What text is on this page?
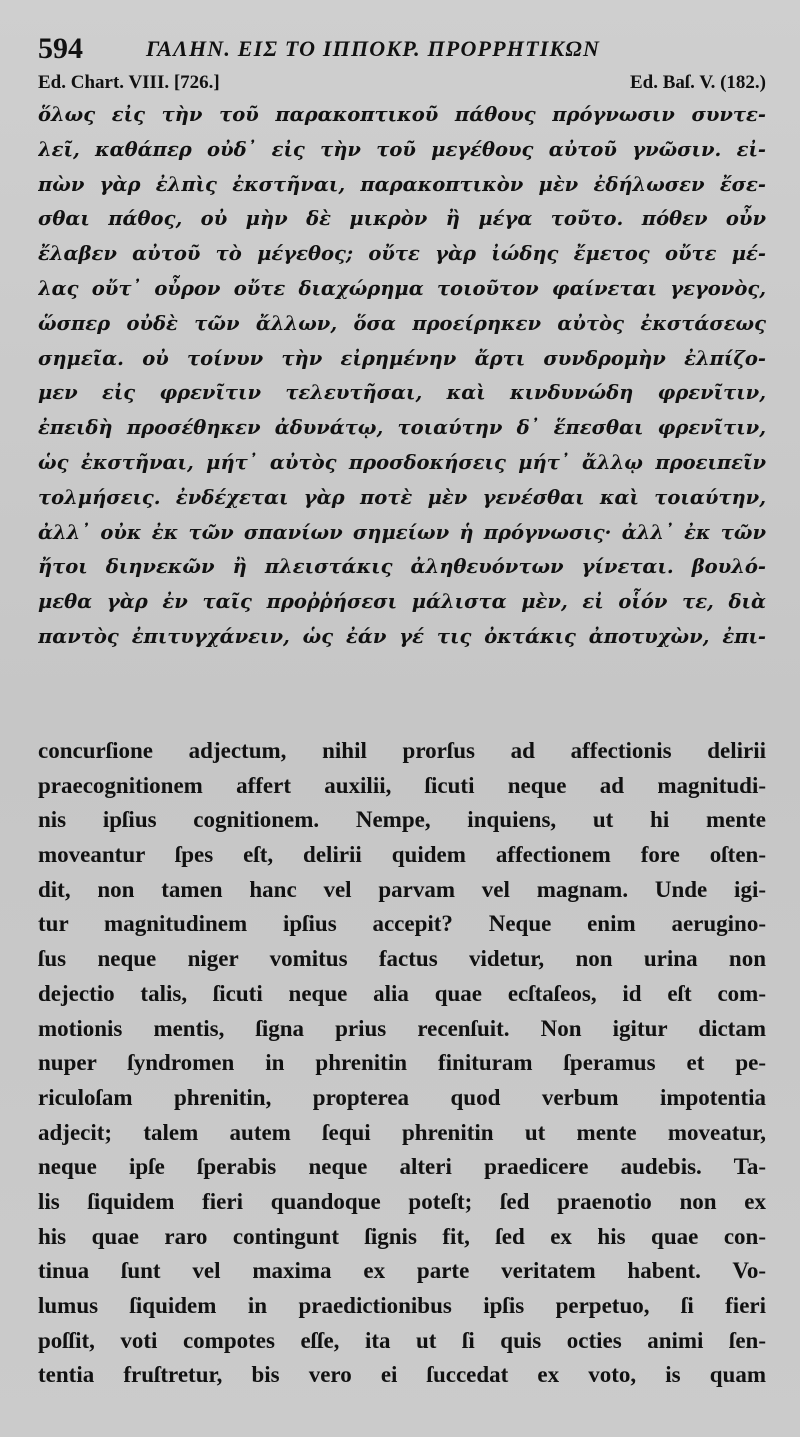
594	ΓΑΛΗΝ. ΕΙΣ ΤΟ ΙΠΠΟΚΡ. ΠΡΟΡΡΗΤΙΚΩΝ
Ed. Chart. VIII. [726.]	Ed. Baſ. V. (182.)
ὅλως εἰς τὴν τοῦ παρακοπτικοῦ πάθους πρόγνωσιν συντε-
λεῖ, καθάπερ οὐδ᾽ εἰς τὴν τοῦ μεγέθους αὐτοῦ γνῶσιν. εἰ-
πὼν γὰρ ἐλπὶς ἐκστῆναι, παρακοπτικὸν μὲν ἐδήλωσεν ἔσε-
σθαι πάθος, οὐ μὴν δὲ μικρὸν ἢ μέγα τοῦτο. πόθεν οὖν
ἔλαβεν αὐτοῦ τὸ μέγεθος; οὔτε γὰρ ἰώδης ἔμετος οὔτε μέ-
λας οὔτ᾽ οὖρον οὔτε διαχώρημα τοιοῦτον φαίνεται γεγονὸς,
ὥσπερ οὐδὲ τῶν ἄλλων, ὅσα προείρηκεν αὐτὸς ἐκστάσεως
σημεῖα. οὐ τοίνυν τὴν εἰρημένην ἄρτι συνδρομὴν ἐλπίζο-
μεν εἰς φρενῖτιν τελευτῆσαι, καὶ κινδυνώδη φρενῖτιν,
ἐπειδὴ προσέθηκεν ἀδυνάτῳ, τοιαύτην δ᾽ ἕπεσθαι φρενῖτιν,
ὡς ἐκστῆναι, μήτ᾽ αὐτὸς προσδοκήσεις μήτ᾽ ἄλλῳ προειπεῖν
τολμήσεις. ἐνδέχεται γὰρ ποτὲ μὲν γενέσθαι καὶ τοιαύτην,
ἀλλ᾽ οὐκ ἐκ τῶν σπανίων σημείων ἡ πρόγνωσις· ἀλλ᾽ ἐκ τῶν
ἤτοι διηνεκῶν ἢ πλειστάκις ἀληθευόντων γίνεται. βουλό-
μεθα γὰρ ἐν ταῖς προῤῥήσεσι μάλιστα μὲν, εἰ οἷόν τε, διὰ
παντὸς ἐπιτυγχάνειν, ὡς ἐάν γέ τις ὀκτάκις ἀποτυχὼν, ἐπι-
concurſione adjectum, nihil prorſus ad affectionis delirii
praecognitionem affert auxilii, ſicuti neque ad magnitudi-
nis ipſius cognitionem. Nempe, inquiens, ut hi mente
moveantur ſpes eſt, delirii quidem affectionem fore oſten-
dit, non tamen hanc vel parvam vel magnam. Unde igi-
tur magnitudinem ipſius accepit? Neque enim aerugino-
ſus neque niger vomitus factus videtur, non urina non
dejectio talis, ſicuti neque alia quae ecſtaſeos, id eſt com-
motionis mentis, ſigna prius recenſuit. Non igitur dictam
nuper ſyndromen in phrenitin finituram ſperamus et pe-
riculoſam phrenitin, propterea quod verbum impotentia
adjecit; talem autem ſequi phrenitin ut mente moveatur,
neque ipſe ſperabis neque alteri praedicere audebis. Ta-
lis ſiquidem fieri quandoque poteſt; ſed praenotio non ex
his quae raro contingunt ſignis fit, ſed ex his quae con-
tinua ſunt vel maxima ex parte veritatem habent. Vo-
lumus ſiquidem in praedictionibus ipſis perpetuo, ſi fieri
poſſit, voti compotes eſſe, ita ut ſi quis octies animi ſen-
tentia fruſtretur, bis vero ei ſuccedat ex voto, is quam
